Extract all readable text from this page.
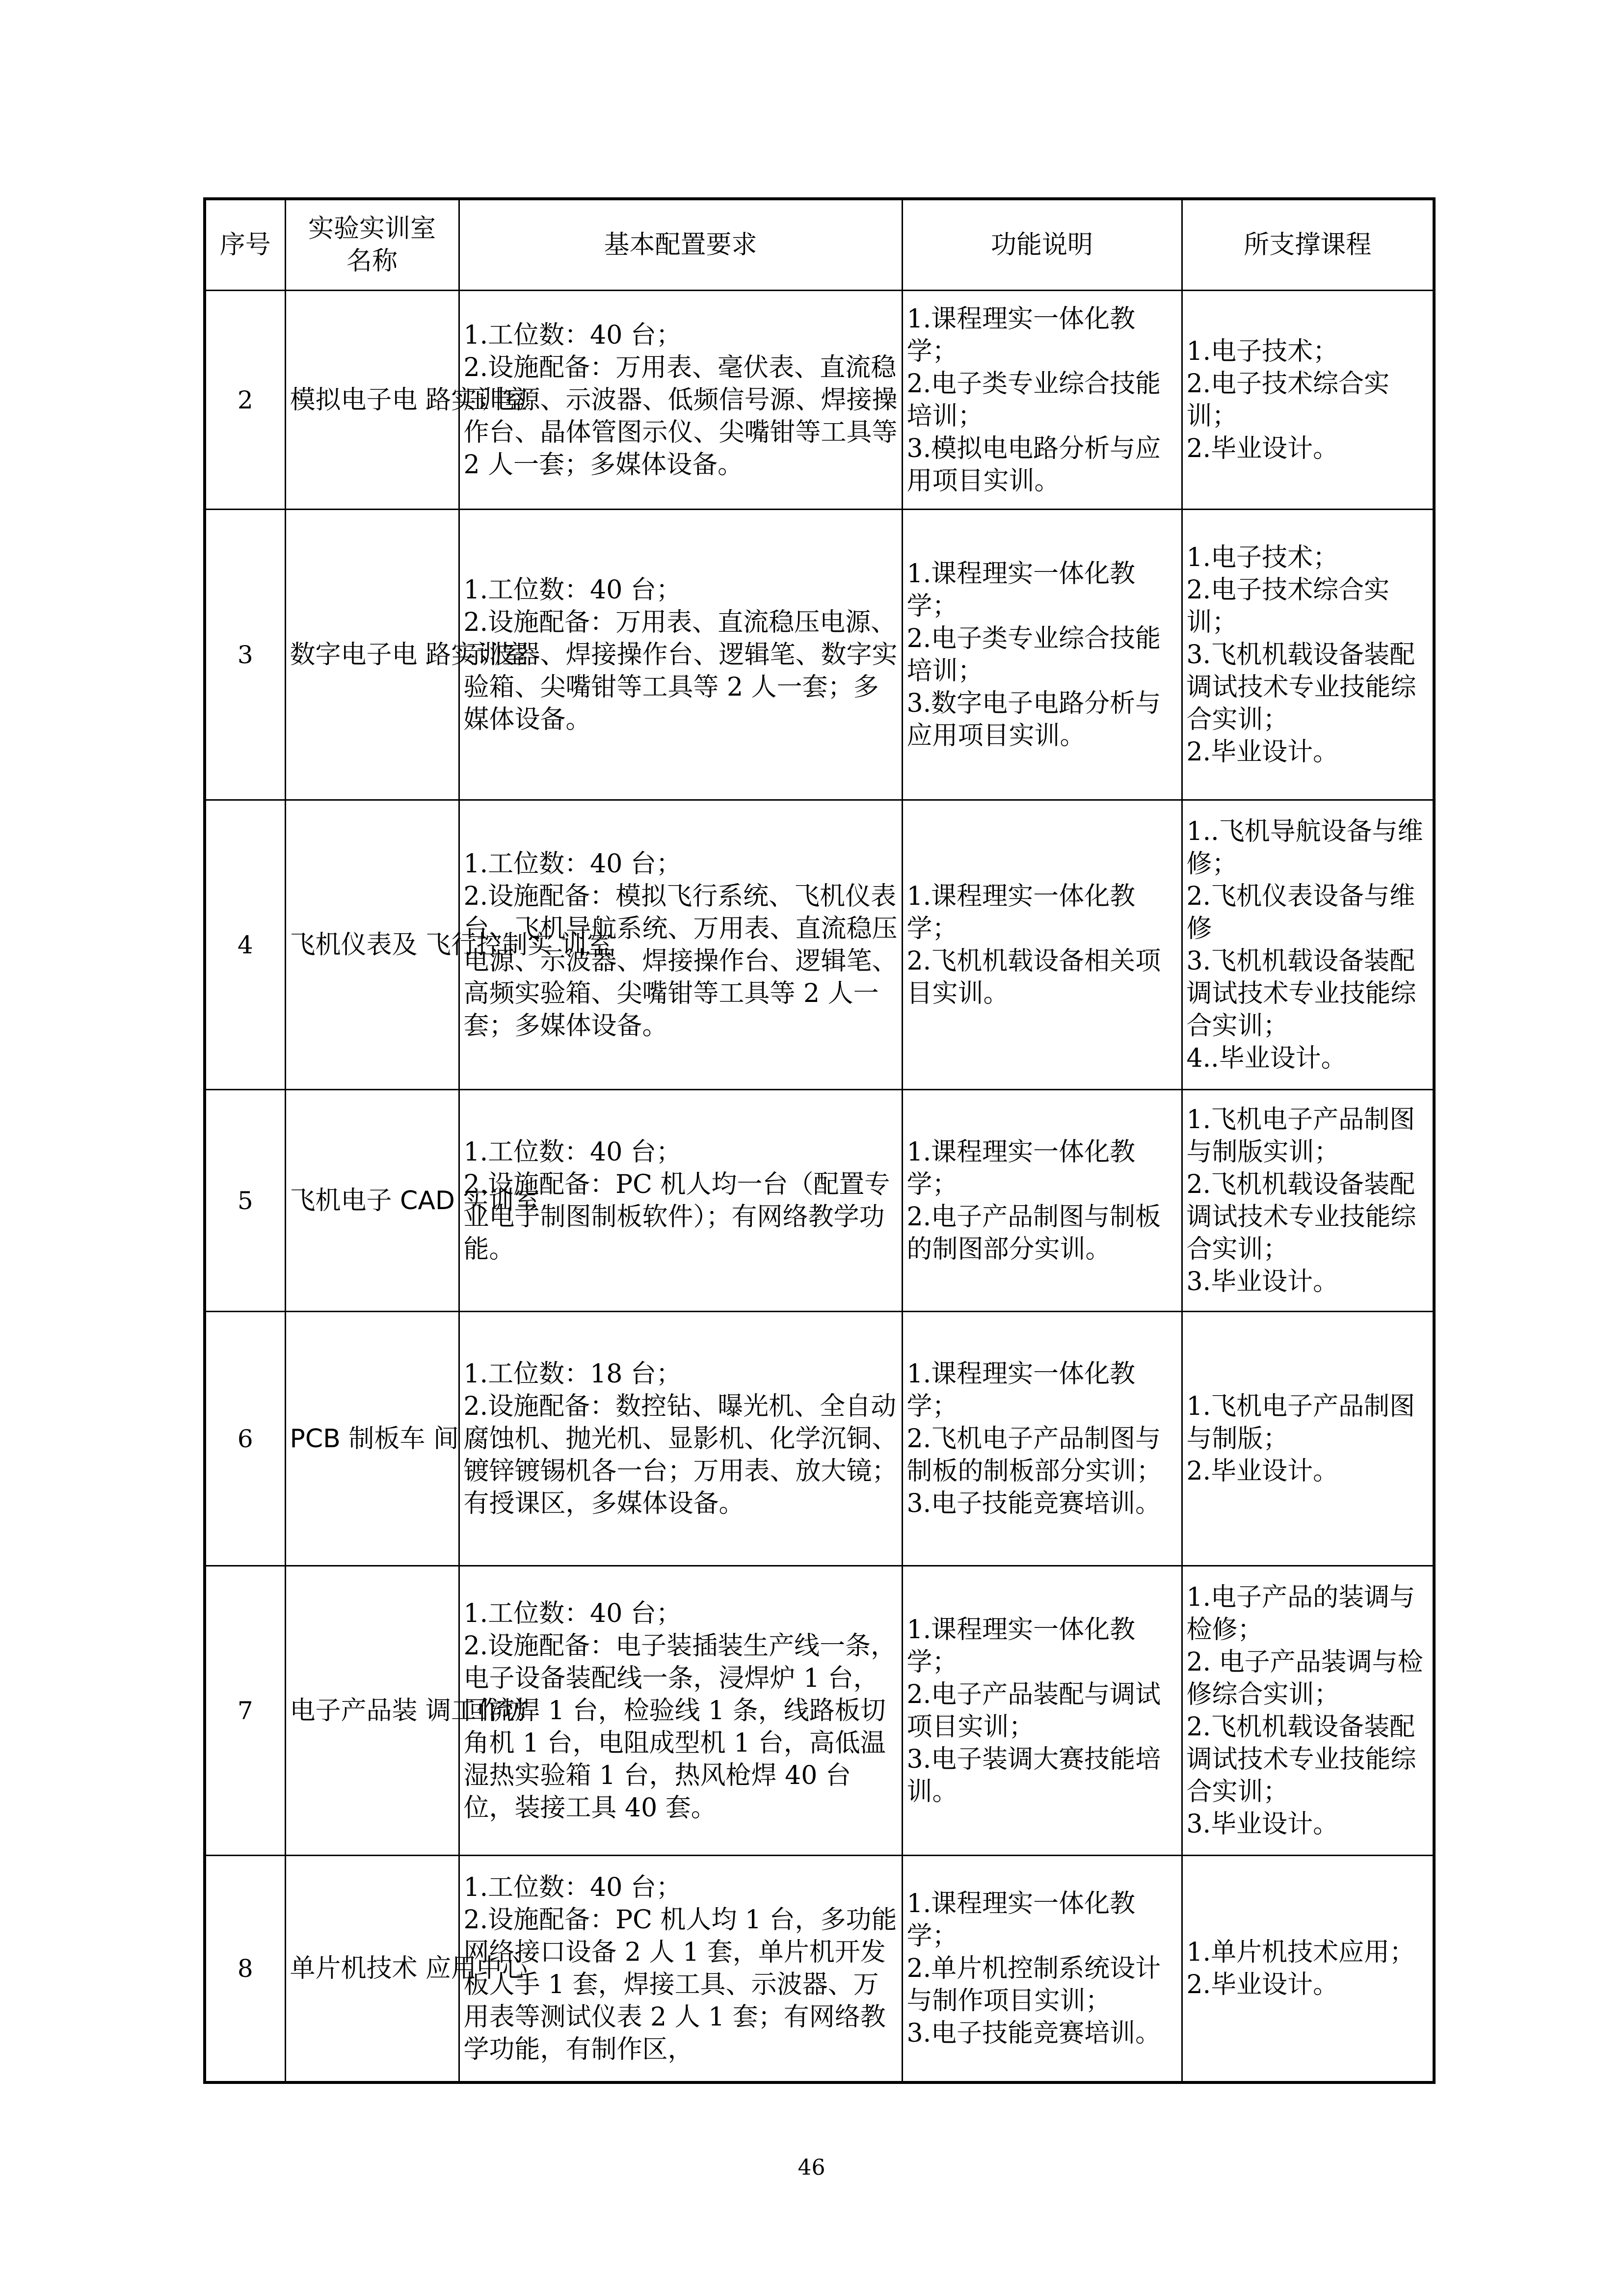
序号	实验实训室
名称	基本配置要求	功能说明	所支撑课程

2	模拟电子电 路实训室	1.工位数：40 台；
2.设施配备：万用表、毫伏表、直流稳压电源、示波器、低频信号源、焊接操作台、晶体管图示仪、尖嘴钳等工具等 2 人一套；多媒体设备。	1.课程理实一体化教学；
2.电子类专业综合技能培训；
3.模拟电电路分析与应用项目实训。	1.电子技术；
2.电子技术综合实训；
2.毕业设计。

3	数字电子电 路实训室	1.工位数：40 台；
2.设施配备：万用表、直流稳压电源、示波器、焊接操作台、逻辑笔、数字实验箱、尖嘴钳等工具等 2 人一套；多媒体设备。	1.课程理实一体化教学；
2.电子类专业综合技能培训；
3.数字电子电路分析与应用项目实训。	1.电子技术；
2.电子技术综合实训；
3.飞机机载设备装配调试技术专业技能综合实训；
2.毕业设计。

4	飞机仪表及 飞行控制实 训室	1.工位数：40 台；
2.设施配备：模拟飞行系统、飞机仪表台、飞机导航系统、万用表、直流稳压电源、示波器、焊接操作台、逻辑笔、高频实验箱、尖嘴钳等工具等 2 人一套；多媒体设备。	1.课程理实一体化教学；
2.飞机机载设备相关项目实训。	1..飞机导航设备与维修；
2.飞机仪表设备与维修
3.飞机机载设备装配调试技术专业技能综合实训；
4..毕业设计。

5	飞机电子 CAD 实训室	1.工位数：40 台；
2.设施配备：PC 机人均一台（配置专业电子制图制板软件）；有网络教学功能。	1.课程理实一体化教学；
2.电子产品制图与制板的制图部分实训。	1.飞机电子产品制图与制版实训；
2.飞机机载设备装配调试技术专业技能综合实训；
3.毕业设计。

6	PCB 制板车 间	1.工位数：18 台；
2.设施配备：数控钻、曝光机、全自动腐蚀机、抛光机、显影机、化学沉铜、镀锌镀锡机各一台；万用表、放大镜；有授课区，多媒体设备。	1.课程理实一体化教学；
2.飞机电子产品制图与制板的制板部分实训；
3.电子技能竞赛培训。	1.飞机电子产品制图与制版；
2.毕业设计。

7	电子产品装 调工作坊	1.工位数：40 台；
2.设施配备：电子装插装生产线一条，电子设备装配线一条，浸焊炉 1 台，回流焊 1 台，检验线 1 条，线路板切角机 1 台，电阻成型机 1 台，高低温湿热实验箱 1 台，热风枪焊 40 台位，装接工具 40 套。	1.课程理实一体化教学；
2.电子产品装配与调试项目实训；
3.电子装调大赛技能培训。	1.电子产品的装调与检修；
2. 电子产品装调与检修综合实训；
2.飞机机载设备装配调试技术专业技能综合实训；
3.毕业设计。

8	单片机技术 应用中心	1.工位数：40 台；
2.设施配备：PC 机人均 1 台，多功能网络接口设备 2 人 1 套，单片机开发板人手 1 套，焊接工具、示波器、万用表等测试仪表 2 人 1 套；有网络教学功能，有制作区，	1.课程理实一体化教学；
2.单片机控制系统设计与制作项目实训；
3.电子技能竞赛培训。	1.单片机技术应用；
2.毕业设计。
46
